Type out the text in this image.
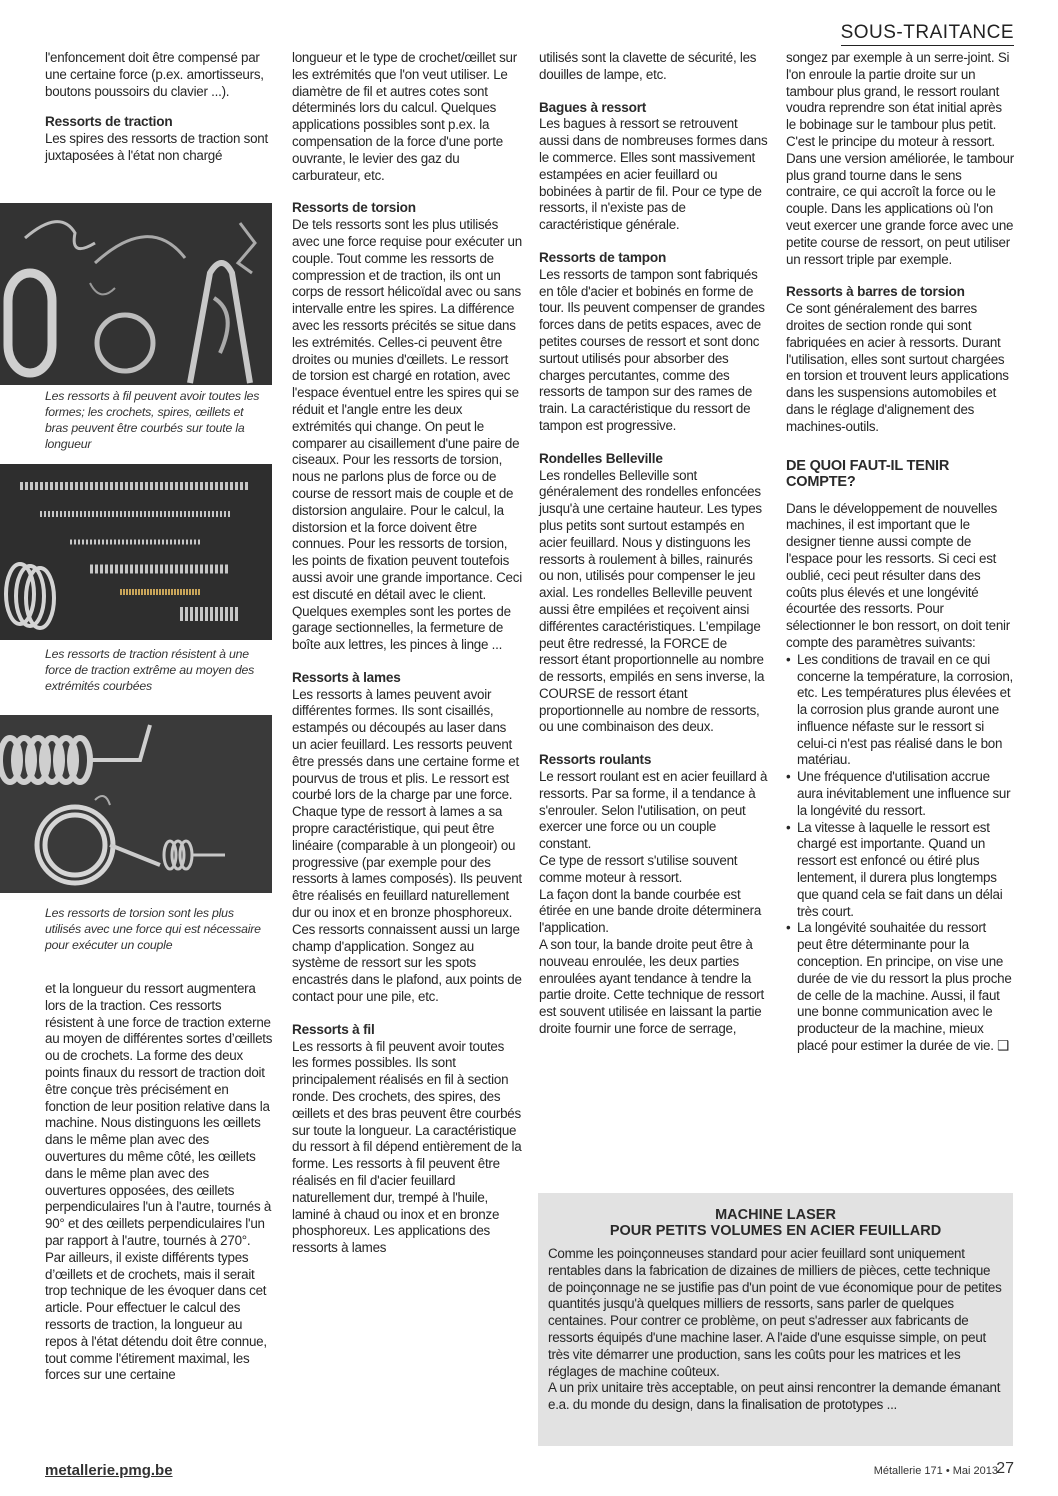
SOUS-TRAITANCE

l'enfoncement doit être compensé par une certaine force (p.ex. amortisseurs, boutons poussoirs du clavier ...).

Ressorts de traction

Les spires des ressorts de traction sont juxtaposées à l'état non chargé

Les ressorts à fil peuvent avoir toutes les formes; les crochets, spires, œillets et bras peuvent être courbés sur toute la longueur
Les ressorts de traction résistent à une force de traction extrême au moyen des extrémités courbées
Les ressorts de torsion sont les plus utilisés avec une force qui est nécessaire pour exécuter un couple

et la longueur du ressort augmentera lors de la traction. Ces ressorts résistent à une force de traction externe au moyen de différentes sortes d’œillets ou de crochets. La forme des deux points finaux du ressort de traction doit être conçue très précisément en fonction de leur position relative dans la machine. Nous distinguons les œillets dans le même plan avec des ouvertures du même côté, les œillets dans le même plan avec des ouvertures opposées, des œillets perpendiculaires l'un à l'autre, tournés à 90° et des œillets perpendiculaires l'un par rapport à l'autre, tournés à 270°. Par ailleurs, il existe différents types d’œillets et de crochets, mais il serait trop technique de les évoquer dans cet article. Pour effectuer le calcul des ressorts de traction, la longueur au repos à l'état détendu doit être connue, tout comme l'étirement maximal, les forces sur une certaine

longueur et le type de crochet/œillet sur les extrémités que l'on veut utiliser. Le diamètre de fil et autres cotes sont déterminés lors du calcul. Quelques applications possibles sont p.ex. la compensation de la force d'une porte ouvrante, le levier des gaz du carburateur, etc.

Ressorts de torsion

De tels ressorts sont les plus utilisés avec une force requise pour exécuter un couple. Tout comme les ressorts de compression et de traction, ils ont un corps de ressort hélicoïdal avec ou sans intervalle entre les spires. La différence avec les ressorts précités se situe dans les extrémités. Celles-ci peuvent être droites ou munies d'œillets. Le ressort de torsion est chargé en rotation, avec l'espace éventuel entre les spires qui se réduit et l'angle entre les deux extrémités qui change. On peut le comparer au cisaillement d'une paire de ciseaux. Pour les ressorts de torsion, nous ne parlons plus de force ou de course de ressort mais de couple et de distorsion angulaire. Pour le calcul, la distorsion et la force doivent être connues. Pour les ressorts de torsion, les points de fixation peuvent toutefois aussi avoir une grande importance. Ceci est discuté en détail avec le client. Quelques exemples sont les portes de garage sectionnelles, la fermeture de boîte aux lettres, les pinces à linge ...

Ressorts à lames

Les ressorts à lames peuvent avoir différentes formes. Ils sont cisaillés, estampés ou découpés au laser dans un acier feuillard. Les ressorts peuvent être pressés dans une certaine forme et pourvus de trous et plis. Le ressort est courbé lors de la charge par une force. Chaque type de ressort à lames a sa propre caractéristique, qui peut être linéaire (comparable à un plongeoir) ou progressive (par exemple pour des ressorts à lames composés). Ils peuvent être réalisés en feuillard naturellement dur ou inox et en bronze phosphoreux. Ces ressorts connaissent aussi un large champ d'application. Songez au système de ressort sur les spots encastrés dans le plafond, aux points de contact pour une pile, etc.

Ressorts à fil

Les ressorts à fil peuvent avoir toutes les formes possibles. Ils sont principalement réalisés en fil à section ronde. Des crochets, des spires, des œillets et des bras peuvent être courbés sur toute la longueur. La caractéristique du ressort à fil dépend entièrement de la forme. Les ressorts à fil peuvent être réalisés en fil d'acier feuillard naturellement dur, trempé à l'huile, laminé à chaud ou inox et en bronze phosphoreux. Les applications des ressorts à lames

utilisés sont la clavette de sécurité, les douilles de lampe, etc.

Bagues à ressort

Les bagues à ressort se retrouvent aussi dans de nombreuses formes dans le commerce. Elles sont massivement estampées en acier feuillard ou bobinées à partir de fil. Pour ce type de ressorts, il n'existe pas de caractéristique générale.

Ressorts de tampon

Les ressorts de tampon sont fabriqués en tôle d'acier et bobinés en forme de tour. Ils peuvent compenser de grandes forces dans de petits espaces, avec de petites courses de ressort et sont donc surtout utilisés pour absorber des charges percutantes, comme des ressorts de tampon sur des rames de train. La caractéristique du ressort de tampon est progressive.

Rondelles Belleville

Les rondelles Belleville sont généralement des rondelles enfoncées jusqu'à une certaine hauteur. Les types plus petits sont surtout estampés en acier feuillard. Nous y distinguons les ressorts à roulement à billes, rainurés ou non, utilisés pour compenser le jeu axial. Les rondelles Belleville peuvent aussi être empilées et reçoivent ainsi différentes caractéristiques. L'empilage peut être redressé, la FORCE de ressort étant proportionnelle au nombre de ressorts, empilés en sens inverse, la COURSE de ressort étant proportionnelle au nombre de ressorts, ou une combinaison des deux.

Ressorts roulants

Le ressort roulant est en acier feuillard à ressorts. Par sa forme, il a tendance à s'enrouler. Selon l'utilisation, on peut exercer une force ou un couple constant.

Ce type de ressort s'utilise souvent comme moteur à ressort.

La façon dont la bande courbée est étirée en une bande droite déterminera l'application.

A son tour, la bande droite peut être à nouveau enroulée, les deux parties enroulées ayant tendance à tendre la partie droite. Cette technique de ressort est souvent utilisée en laissant la partie droite fournir une force de serrage,

songez par exemple à un serre-joint. Si l'on enroule la partie droite sur un tambour plus grand, le ressort roulant voudra reprendre son état initial après le bobinage sur le tambour plus petit. C'est le principe du moteur à ressort. Dans une version améliorée, le tambour plus grand tourne dans le sens contraire, ce qui accroît la force ou le couple. Dans les applications où l'on veut exercer une grande force avec une petite course de ressort, on peut utiliser un ressort triple par exemple.

Ressorts à barres de torsion

Ce sont généralement des barres droites de section ronde qui sont fabriquées en acier à ressorts. Durant l'utilisation, elles sont surtout chargées en torsion et trouvent leurs applications dans les suspensions automobiles et dans le réglage d'alignement des machines-outils.

DE QUOI FAUT-IL TENIR COMPTE?

Dans le développement de nouvelles machines, il est important que le designer tienne aussi compte de l'espace pour les ressorts. Si ceci est oublié, ceci peut résulter dans des coûts plus élevés et une longévité écourtée des ressorts. Pour sélectionner le bon ressort, on doit tenir compte des paramètres suivants:

• Les conditions de travail en ce qui concerne la température, la corrosion, etc. Les températures plus élevées et la corrosion plus grande auront une influence néfaste sur le ressort si celui-ci n'est pas réalisé dans le bon matériau.
• Une fréquence d'utilisation accrue aura inévitablement une influence sur la longévité du ressort.
• La vitesse à laquelle le ressort est chargé est importante. Quand un ressort est enfoncé ou étiré plus lentement, il durera plus longtemps que quand cela se fait dans un délai très court.
• La longévité souhaitée du ressort peut être déterminante pour la conception. En principe, on vise une durée de vie du ressort la plus proche de celle de la machine. Aussi, il faut une bonne communication avec le producteur de la machine, mieux placé pour estimer la durée de vie. ❑
MACHINE LASER
POUR PETITS VOLUMES EN ACIER FEUILLARD

Comme les poinçonneuses standard pour acier feuillard sont uniquement rentables dans la fabrication de dizaines de milliers de pièces, cette technique de poinçonnage ne se justifie pas d'un point de vue économique pour de petites quantités jusqu'à quelques milliers de ressorts, sans parler de quelques centaines. Pour contrer ce problème, on peut s'adresser aux fabricants de ressorts équipés d'une machine laser. A l'aide d'une esquisse simple, on peut très vite démarrer une production, sans les coûts pour les matrices et les réglages de machine coûteux.

A un prix unitaire très acceptable, on peut ainsi rencontrer la demande émanant e.a. du monde du design, dans la finalisation de prototypes ...

metallerie.pmg.be	Métallerie 171 • Mai 2013
27
